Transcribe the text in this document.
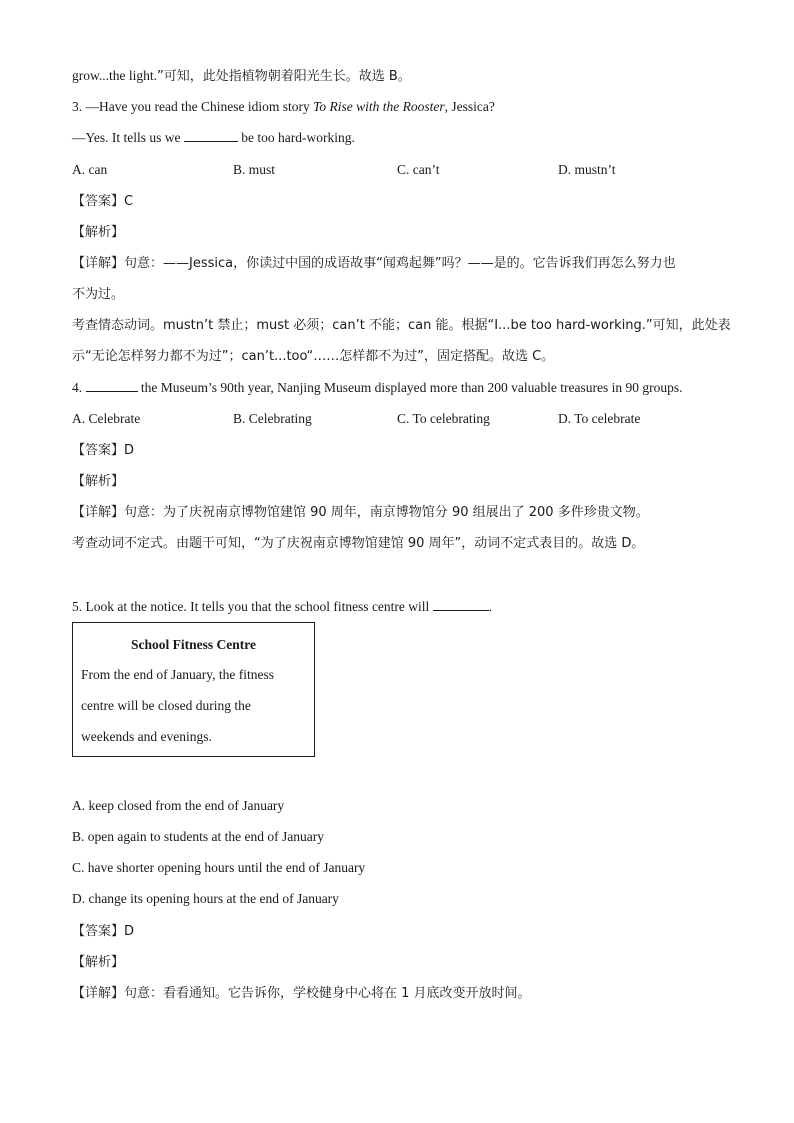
grow...the light.”可知，此处指植物朝着阳光生长。故选 B。
3. —Have you read the Chinese idiom story To Rise with the Rooster, Jessica?
—Yes. It tells us we	be too hard-working.
A. can	B. must	C. can’t	D. mustn’t
【答案】C
【解析】
【详解】句意：——Jessica，你读过中国的成语故事“闻鸡起舞”吗？——是的。它告诉我们再怎么努力也
不为过。
考查情态动词。mustn’t 禁止；must 必须；can’t 不能；can 能。根据“I...be too hard-working.”可知，此处表
示“无论怎样努力都不为过”；can’t...too“……怎样都不为过”，固定搭配。故选 C。
4.	the Museum’s 90th year, Nanjing Museum displayed more than 200 valuable treasures in 90 groups.
A. Celebrate	B. Celebrating	C. To celebrating	D. To celebrate
【答案】D
【解析】
【详解】句意：为了庆祝南京博物馆建馆 90 周年，南京博物馆分 90 组展出了 200 多件珍贵文物。
考查动词不定式。由题干可知，“为了庆祝南京博物馆建馆 90 周年”，动词不定式表目的。故选 D。
5. Look at the notice. It tells you that the school fitness centre will	.
School Fitness Centre
From the end of January, the fitness
centre will be closed during the
weekends and evenings.
A. keep closed from the end of January
B. open again to students at the end of January
C. have shorter opening hours until the end of January
D. change its opening hours at the end of January
【答案】D
【解析】
【详解】句意：看看通知。它告诉你，学校健身中心将在 1 月底改变开放时间。
